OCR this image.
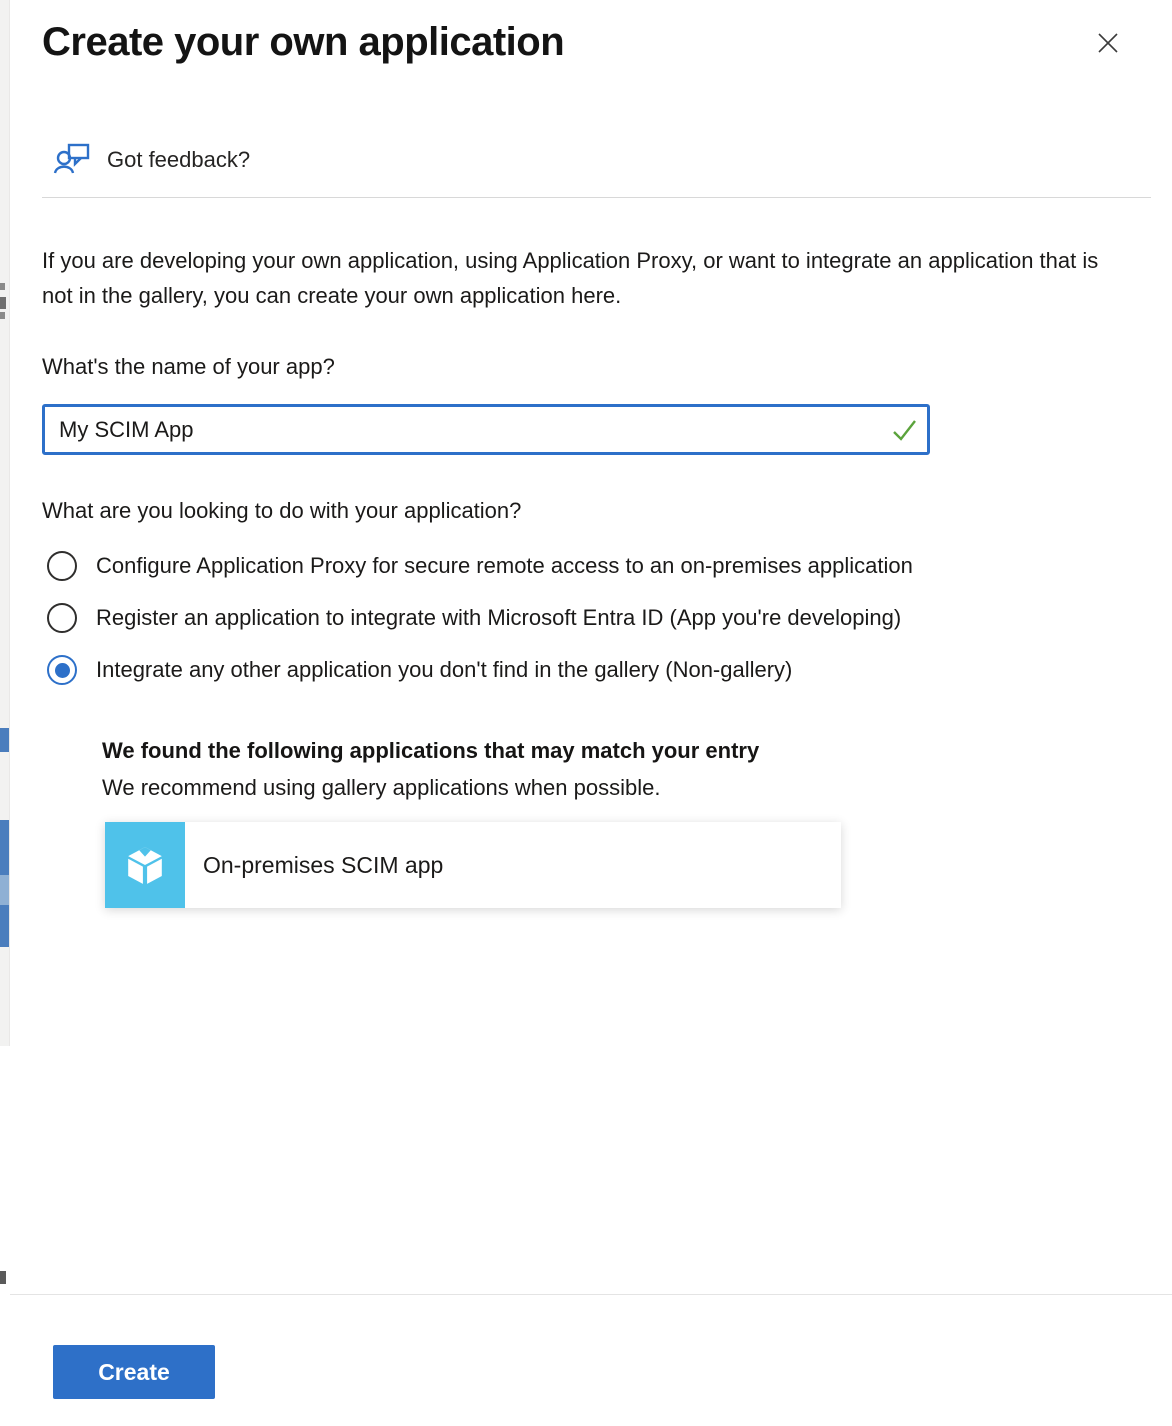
Create your own application
Got feedback?

If you are developing your own application, using Application Proxy, or want to integrate an application that is not in the gallery, you can create your own application here.

What's the name of your app?
My SCIM App
What are you looking to do with your application?
Configure Application Proxy for secure remote access to an on-premises application
Register an application to integrate with Microsoft Entra ID (App you're developing)
Integrate any other application you don't find in the gallery (Non-gallery)
We found the following applications that may match your entry
We recommend using gallery applications when possible.
On-premises SCIM app
Create
